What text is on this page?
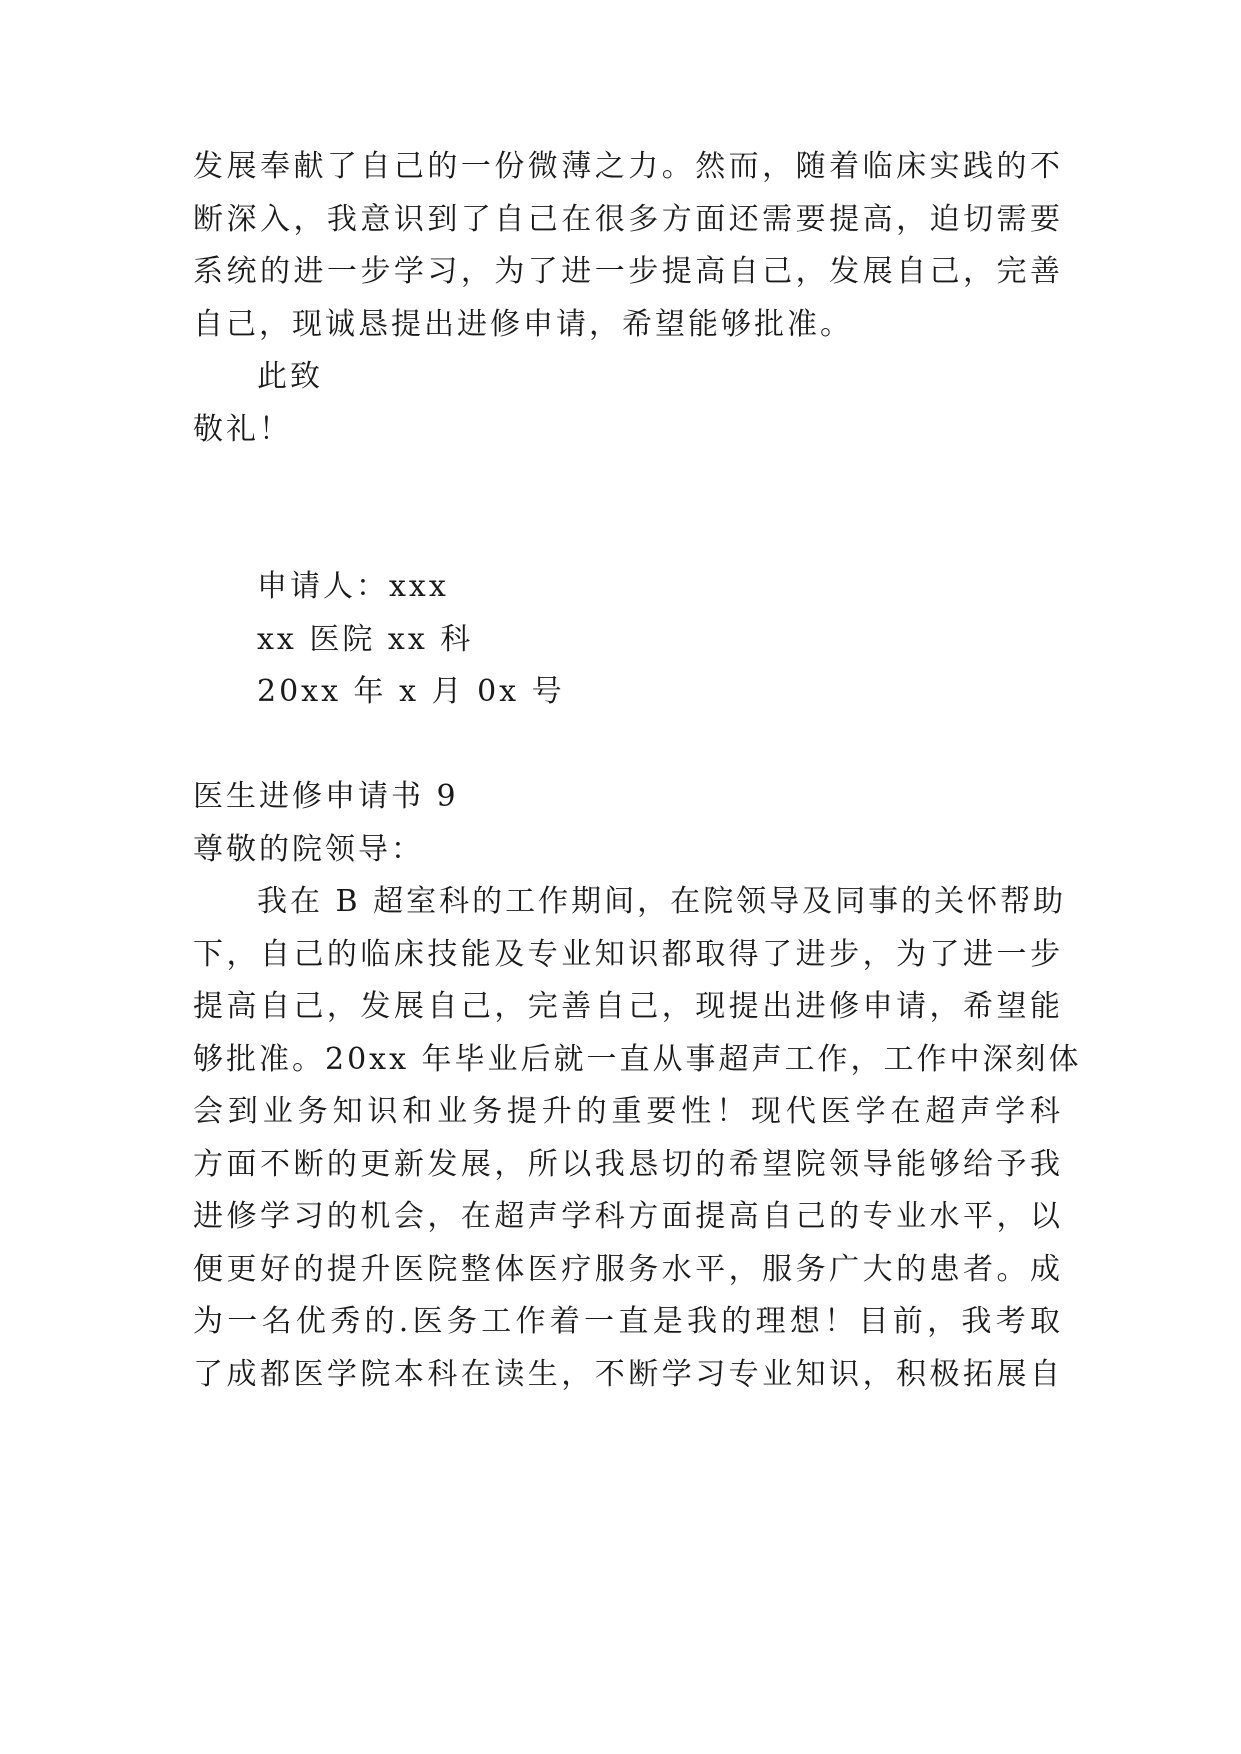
发展奉献了自己的一份微薄之力。然而，随着临床实践的不
断深入，我意识到了自己在很多方面还需要提高，迫切需要
系统的进一步学习，为了进一步提高自己，发展自己，完善
自己，现诚恳提出进修申请，希望能够批准。
此致
敬礼！
申请人：xxx
xx 医院 xx 科
20xx 年 x 月 0x 号
医生进修申请书 9
尊敬的院领导：
我在 B 超室科的工作期间，在院领导及同事的关怀帮助
下，自己的临床技能及专业知识都取得了进步，为了进一步
提高自己，发展自己，完善自己，现提出进修申请，希望能
够批准。20xx 年毕业后就一直从事超声工作，工作中深刻体
会到业务知识和业务提升的重要性！现代医学在超声学科
方面不断的更新发展，所以我恳切的希望院领导能够给予我
进修学习的机会，在超声学科方面提高自己的专业水平，以
便更好的提升医院整体医疗服务水平，服务广大的患者。成
为一名优秀的.医务工作着一直是我的理想！目前，我考取
了成都医学院本科在读生，不断学习专业知识，积极拓展自
